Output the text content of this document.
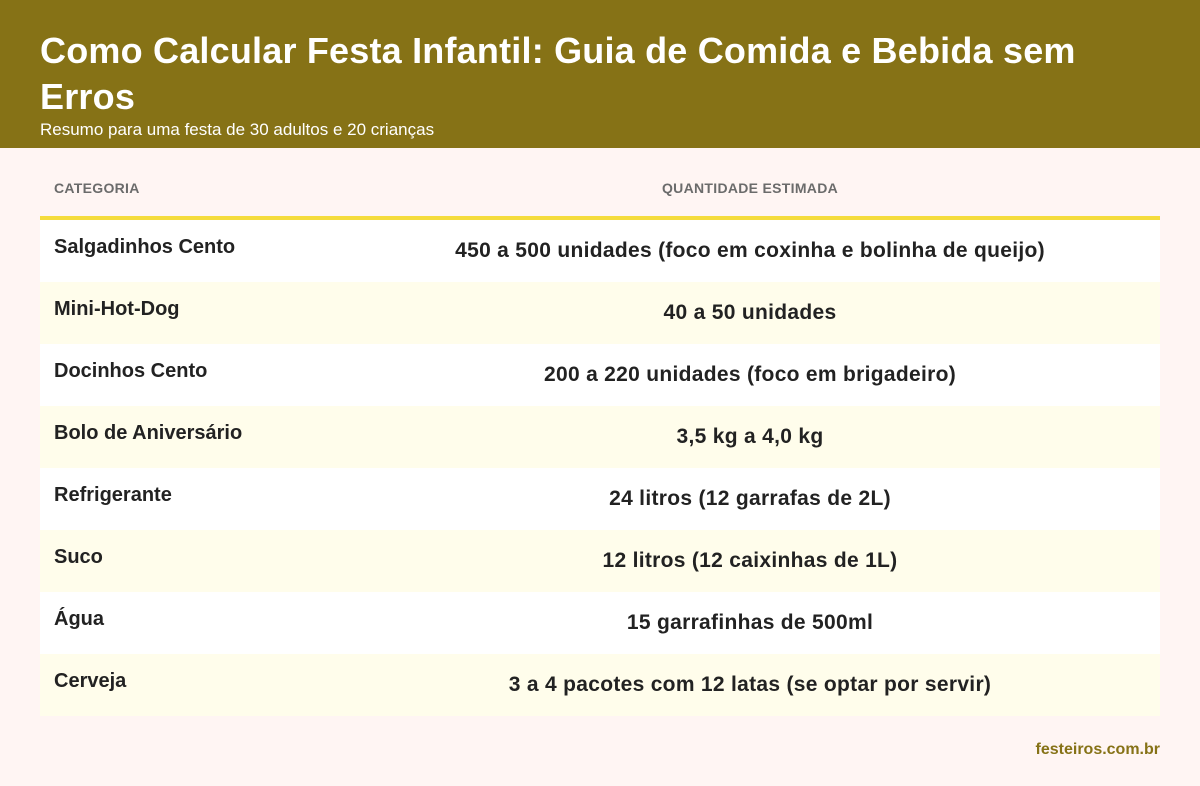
Como Calcular Festa Infantil: Guia de Comida e Bebida sem Erros
Resumo para uma festa de 30 adultos e 20 crianças
CATEGORIA	QUANTIDADE ESTIMADA
Salgadinhos Cento	450 a 500 unidades (foco em coxinha e bolinha de queijo)
Mini-Hot-Dog	40 a 50 unidades
Docinhos Cento	200 a 220 unidades (foco em brigadeiro)
Bolo de Aniversário	3,5 kg a 4,0 kg
Refrigerante	24 litros (12 garrafas de 2L)
Suco	12 litros (12 caixinhas de 1L)
Água	15 garrafinhas de 500ml
Cerveja	3 a 4 pacotes com 12 latas (se optar por servir)
festeiros.com.br
